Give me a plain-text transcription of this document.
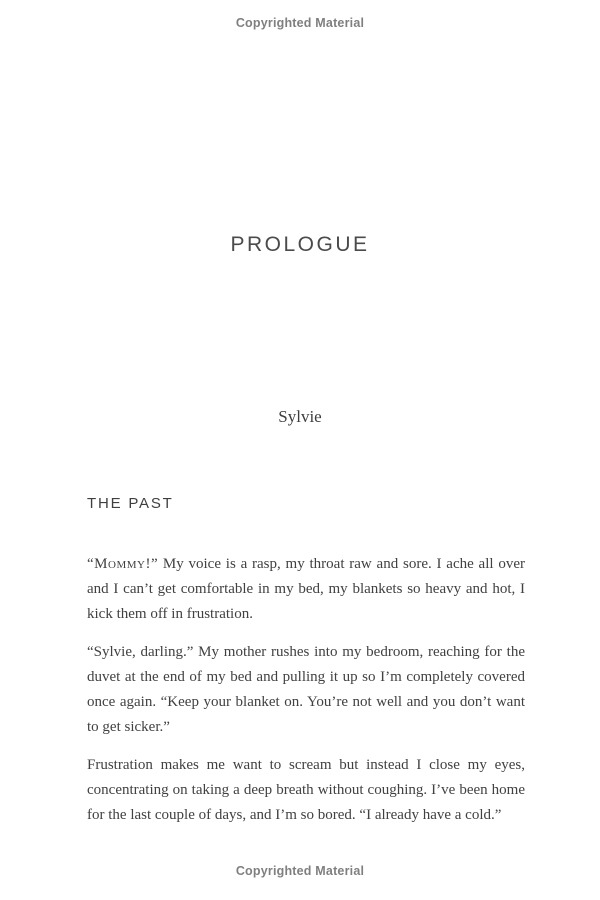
Copyrighted Material
PROLOGUE
Sylvie
THE PAST

“Mommy!” My voice is a rasp, my throat raw and sore. I ache all over and I can’t get comfortable in my bed, my blankets so heavy and hot, I kick them off in frustration.

“Sylvie, darling.” My mother rushes into my bedroom, reaching for the duvet at the end of my bed and pulling it up so I’m completely covered once again. “Keep your blanket on. You’re not well and you don’t want to get sicker.”

Frustration makes me want to scream but instead I close my eyes, concentrating on taking a deep breath without coughing. I’ve been home for the last couple of days, and I’m so bored. “I already have a cold.”

Copyrighted Material
